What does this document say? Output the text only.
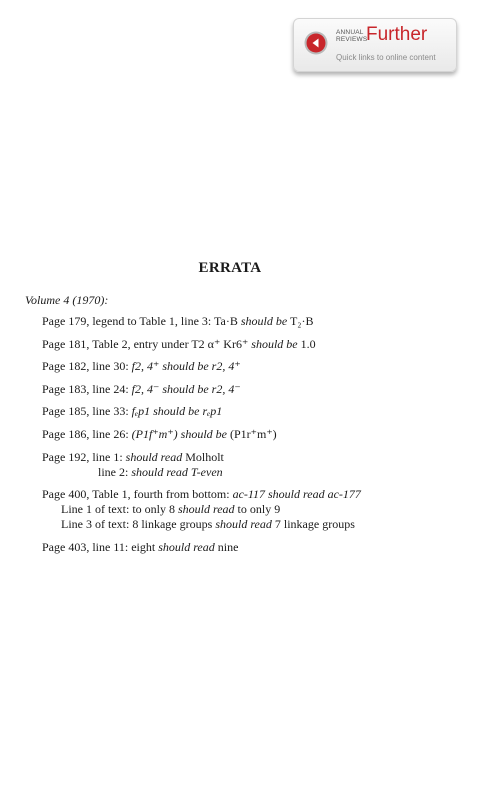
ANNUAL
REVIEWS
Further
Quick links to online content
ERRATA
Volume 4 (1970):
Page 179, legend to Table 1, line 3: Ta·B should be T₂·B
Page 181, Table 2, entry under T2 α⁺ Kr6⁺ should be 1.0
Page 182, line 30: f2, 4⁺ should be r2, 4⁺
Page 183, line 24: f2, 4⁻ should be r2, 4⁻
Page 185, line 33: fₑp1 should be rₑp1
Page 186, line 26: (P1f⁺m⁺) should be (P1r⁺m⁺)
Page 192, line 1: should read Molholt
line 2: should read T-even
Page 400, Table 1, fourth from bottom: ac-117 should read ac-177
Line 1 of text: to only 8 should read to only 9
Line 3 of text: 8 linkage groups should read 7 linkage groups
Page 403, line 11: eight should read nine
